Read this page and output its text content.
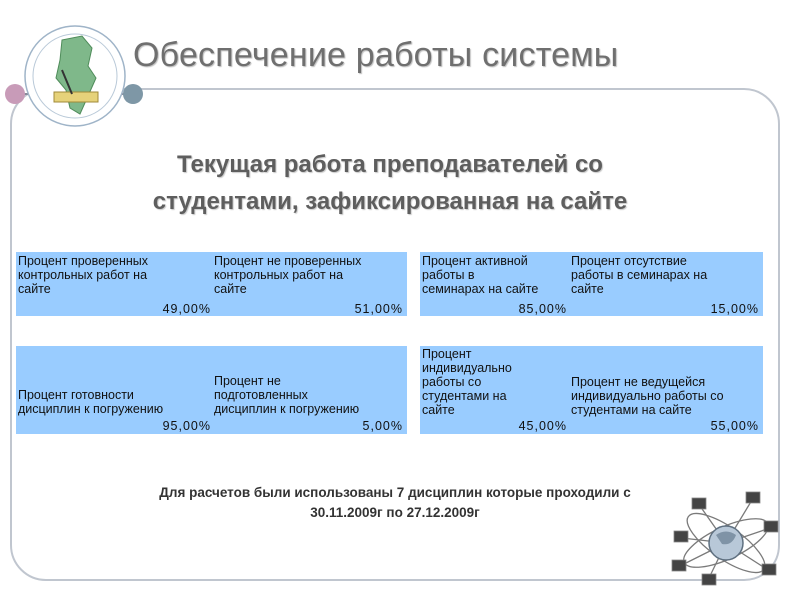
Обеспечение работы системы
Текущая работа преподавателей со
студентами, зафиксированная на сайте
Процент проверенных
контрольных работ на
сайте
49,00%
Процент не проверенных
контрольных работ на
сайте
51,00%
Процент активной
работы в
семинарах на сайте
85,00%
Процент отсутствие
работы в семинарах на
сайте
15,00%
Процент готовности
дисциплин к погружению
95,00%
Процент не
подготовленных
дисциплин к погружению
5,00%
Процент
индивидуально
работы со
студентами на
сайте
45,00%
Процент не ведущейся
индивидуально работы со
студентами на сайте
55,00%
Для расчетов были использованы 7 дисциплин которые проходили с
30.11.2009г по 27.12.2009г
